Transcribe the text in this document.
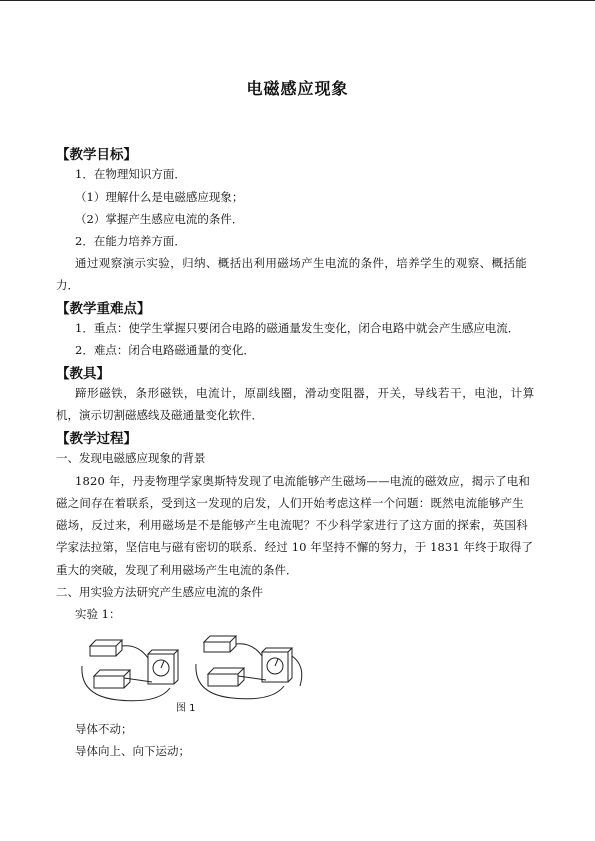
电磁感应现象
【教学目标】
1．在物理知识方面．
（1）理解什么是电磁感应现象；
（2）掌握产生感应电流的条件．
2．在能力培养方面．
通过观察演示实验，归纳、概括出利用磁场产生电流的条件，培养学生的观察、概括能
力．
【教学重难点】
1．重点：使学生掌握只要闭合电路的磁通量发生变化，闭合电路中就会产生感应电流．
2．难点：闭合电路磁通量的变化．
【教具】
蹄形磁铁，条形磁铁，电流计，原副线圈，滑动变阻器，开关，导线若干，电池，计算
机，演示切割磁感线及磁通量变化软件．
【教学过程】
一、发现电磁感应现象的背景
1820 年，丹麦物理学家奥斯特发现了电流能够产生磁场——电流的磁效应，揭示了电和
磁之间存在着联系，受到这一发现的启发，人们开始考虑这样一个问题：既然电流能够产生
磁场，反过来，利用磁场是不是能够产生电流呢？不少科学家进行了这方面的探索，英国科
学家法拉第，坚信电与磁有密切的联系．经过 10 年坚持不懈的努力，于 1831 年终于取得了
重大的突破，发现了利用磁场产生电流的条件．
二、用实验方法研究产生感应电流的条件
实验 1：
图 1
导体不动；
导体向上、向下运动；
